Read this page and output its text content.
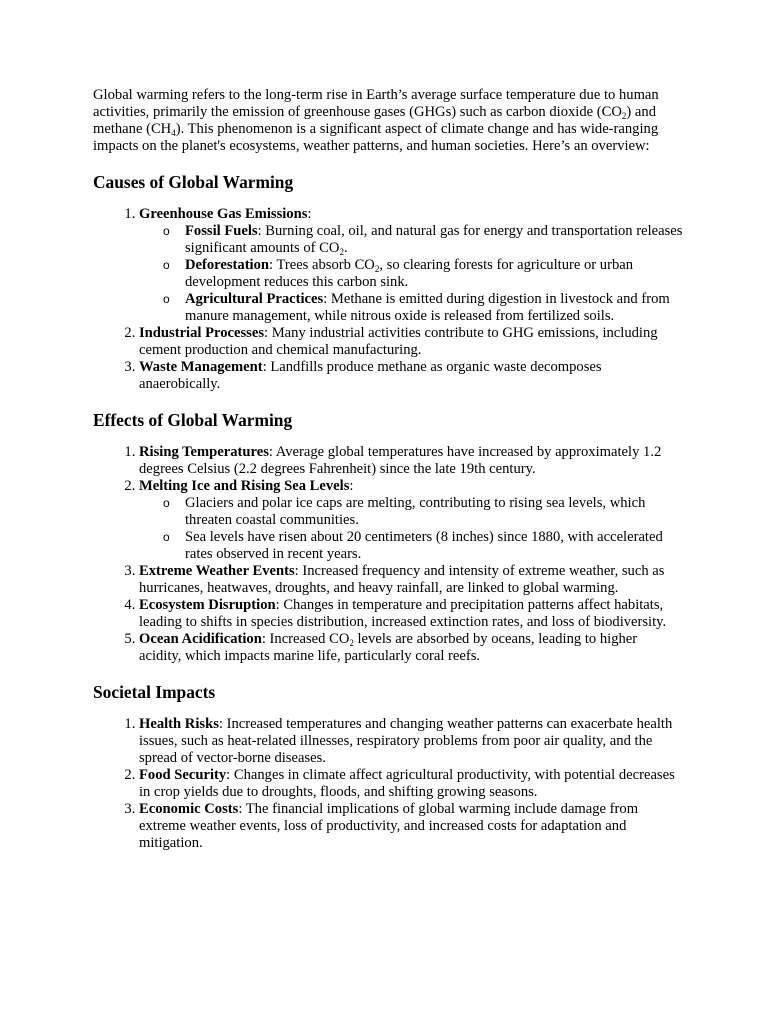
Global warming refers to the long-term rise in Earth’s average surface temperature due to human activities, primarily the emission of greenhouse gases (GHGs) such as carbon dioxide $(CO_2)$ and methane $(CH_4)$. This phenomenon is a significant aspect of climate change and has wide-ranging impacts on the planet's ecosystems, weather patterns, and human societies. Here’s an overview:

Causes of Global Warming
1. Greenhouse Gas Emissions:
o Fossil Fuels: Burning coal, oil, and natural gas for energy and transportation releases significant amounts of $CO_2$.
o Deforestation: Trees absorb $CO_2$, so clearing forests for agriculture or urban development reduces this carbon sink.
o Agricultural Practices: Methane is emitted during digestion in livestock and from manure management, while nitrous oxide is released from fertilized soils.
2. Industrial Processes: Many industrial activities contribute to GHG emissions, including cement production and chemical manufacturing.
3. Waste Management: Landfills produce methane as organic waste decomposes anaerobically.
Effects of Global Warming
1. Rising Temperatures: Average global temperatures have increased by approximately 1.2 degrees Celsius (2.2 degrees Fahrenheit) since the late 19th century.
2. Melting Ice and Rising Sea Levels:
o Glaciers and polar ice caps are melting, contributing to rising sea levels, which threaten coastal communities.
o Sea levels have risen about 20 centimeters (8 inches) since 1880, with accelerated rates observed in recent years.
3. Extreme Weather Events: Increased frequency and intensity of extreme weather, such as hurricanes, heatwaves, droughts, and heavy rainfall, are linked to global warming.
4. Ecosystem Disruption: Changes in temperature and precipitation patterns affect habitats, leading to shifts in species distribution, increased extinction rates, and loss of biodiversity.
5. Ocean Acidification: Increased $CO_2$ levels are absorbed by oceans, leading to higher acidity, which impacts marine life, particularly coral reefs.
Societal Impacts
1. Health Risks: Increased temperatures and changing weather patterns can exacerbate health issues, such as heat-related illnesses, respiratory problems from poor air quality, and the spread of vector-borne diseases.
2. Food Security: Changes in climate affect agricultural productivity, with potential decreases in crop yields due to droughts, floods, and shifting growing seasons.
3. Economic Costs: The financial implications of global warming include damage from extreme weather events, loss of productivity, and increased costs for adaptation and mitigation.
